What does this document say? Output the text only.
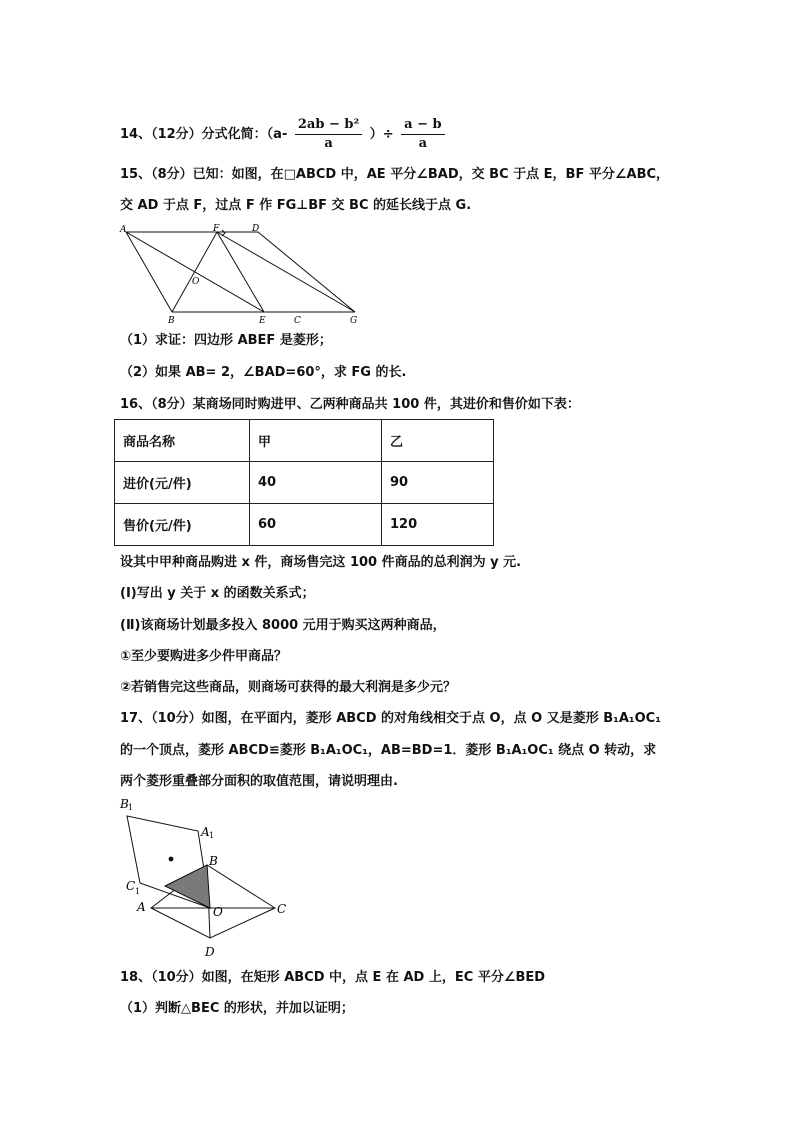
14、（12分）分式化简：（$a- \frac{\text{2ab − b²}}{a}$ ）÷ $\frac{a - b}{a}$
15、（8分）已知：如图，在□ABCD 中，AE 平分∠BAD，交 BC 于点 E，BF 平分∠ABC，
交 AD 于点 F，过点 F 作 FG⊥BF 交 BC 的延长线于点 G.
A	F	D
O
B	E	C	G
（1）求证：四边形 ABEF 是菱形；
（2）如果 AB= 2，∠BAD=60°，求 FG 的长.
16、（8分）某商场同时购进甲、乙两种商品共 100 件，其进价和售价如下表：
商品名称	甲	乙
进价(元/件)	40	90
售价(元/件)	60	120
设其中甲种商品购进 x 件，商场售完这 100 件商品的总利润为 y 元.
(Ⅰ)写出 y 关于 x 的函数关系式；
(Ⅱ)该商场计划最多投入 8000 元用于购买这两种商品，
①至少要购进多少件甲商品？
②若销售完这些商品，则商场可获得的最大利润是多少元？
17、（10分）如图，在平面内，菱形 ABCD 的对角线相交于点 O，点 O 又是菱形 B₁A₁OC₁
的一个顶点，菱形 ABCD≌菱形 B₁A₁OC₁，AB=BD=1．菱形 B₁A₁OC₁ 绕点 O 转动，求
两个菱形重叠部分面积的取值范围，请说明理由.
B 1
A 1
C 1
A
B
C
D
O
18、（10分）如图，在矩形 ABCD 中，点 E 在 AD 上，EC 平分∠BED
（1）判断△BEC 的形状，并加以证明；
